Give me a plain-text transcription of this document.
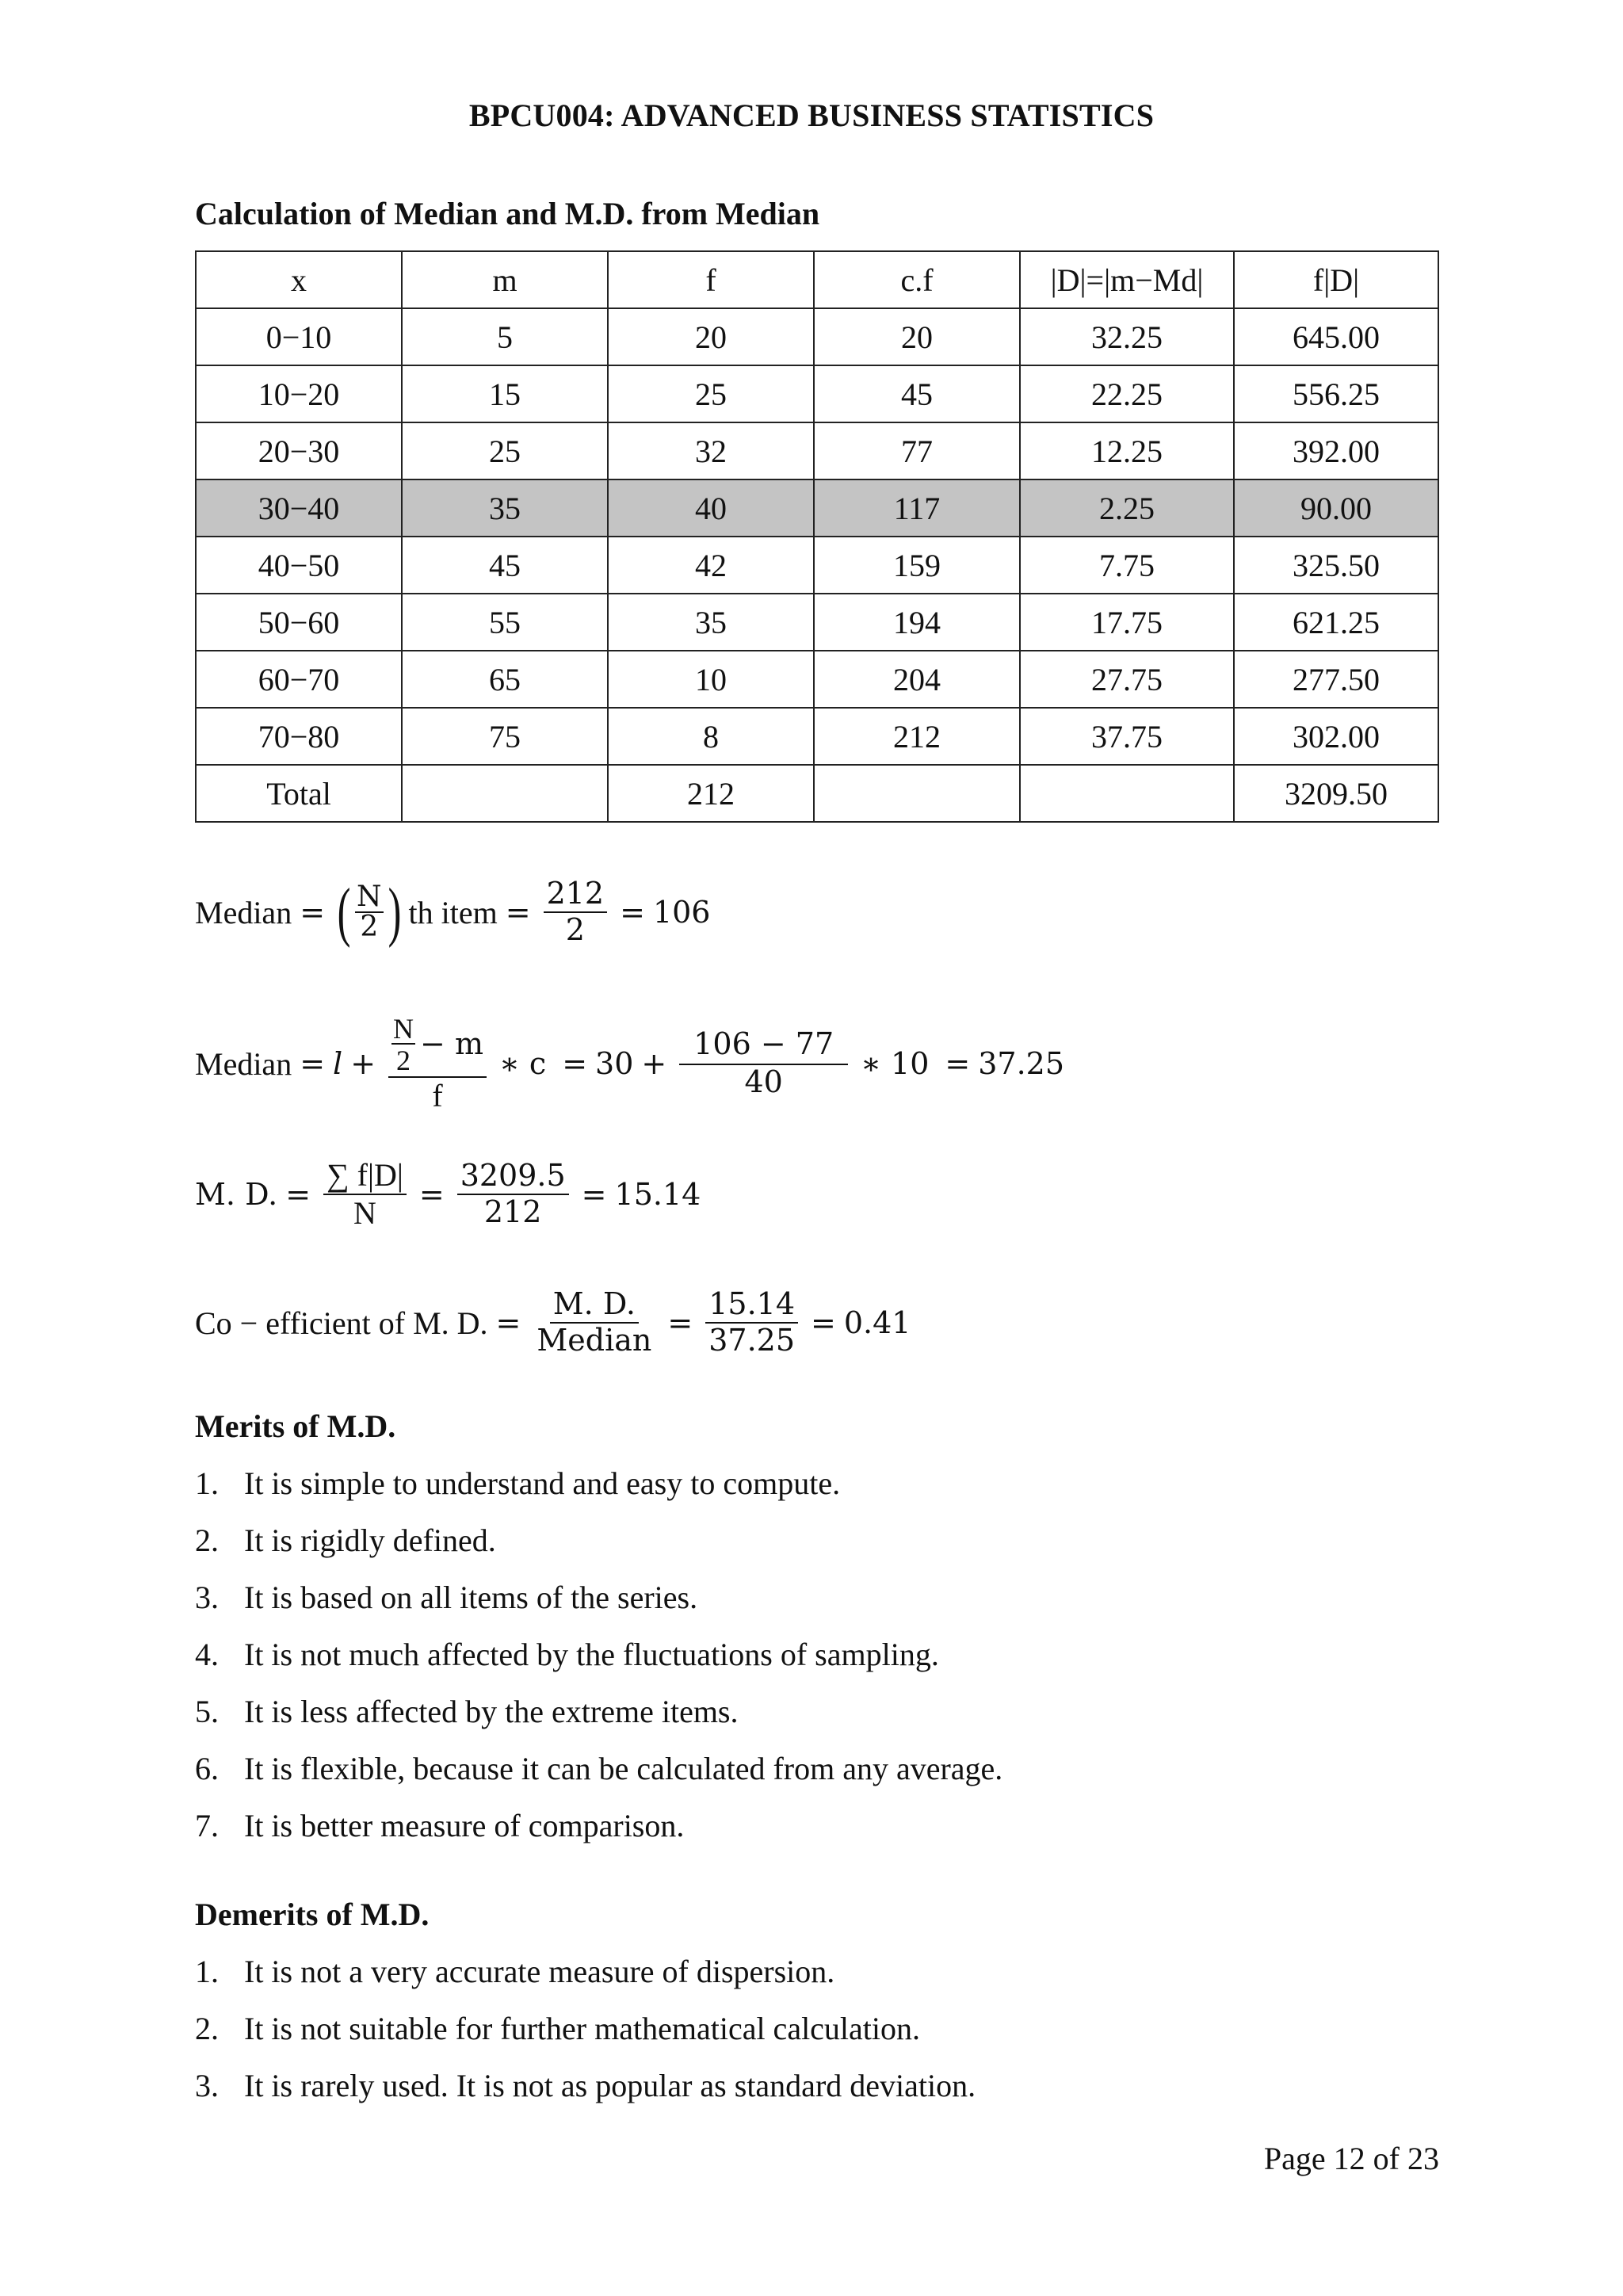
BPCU004: ADVANCED BUSINESS STATISTICS
Calculation of Median and M.D. from Median
x	m	f	c.f	|D|=|m−Md|	f|D|
0−10	5	20	20	32.25	645.00
10−20	15	25	45	22.25	556.25
20−30	25	32	77	12.25	392.00
30−40	35	40	117	2.25	90.00
40−50	45	42	159	7.75	325.50
50−60	55	35	194	17.75	621.25
60−70	65	10	204	27.75	277.50
70−80	75	8	212	37.75	302.00
Total		212			3209.50
Median = ( $\frac{N}{2}$ ) th item = $\frac{212}{2} = 106$
Median = $l + \frac{\frac{N}{2} - m}{f}$ ∗ $c = 30 + \frac{106 - 77}{40}$ ∗ 10 = 37.25
M. D. = $\frac{\sum f|D|}{N} = \frac{3209.5}{212} = 15.14$
Co − efficient of M. D. = $\frac{M. D.}{\text{Median}} = \frac{15.14}{37.25} = 0.41$
Merits of M.D.
1. It is simple to understand and easy to compute.
2. It is rigidly defined.
3. It is based on all items of the series.
4. It is not much affected by the fluctuations of sampling.
5. It is less affected by the extreme items.
6. It is flexible, because it can be calculated from any average.
7. It is better measure of comparison.
Demerits of M.D.
1. It is not a very accurate measure of dispersion.
2. It is not suitable for further mathematical calculation.
3. It is rarely used. It is not as popular as standard deviation.
Page 12 of 23
